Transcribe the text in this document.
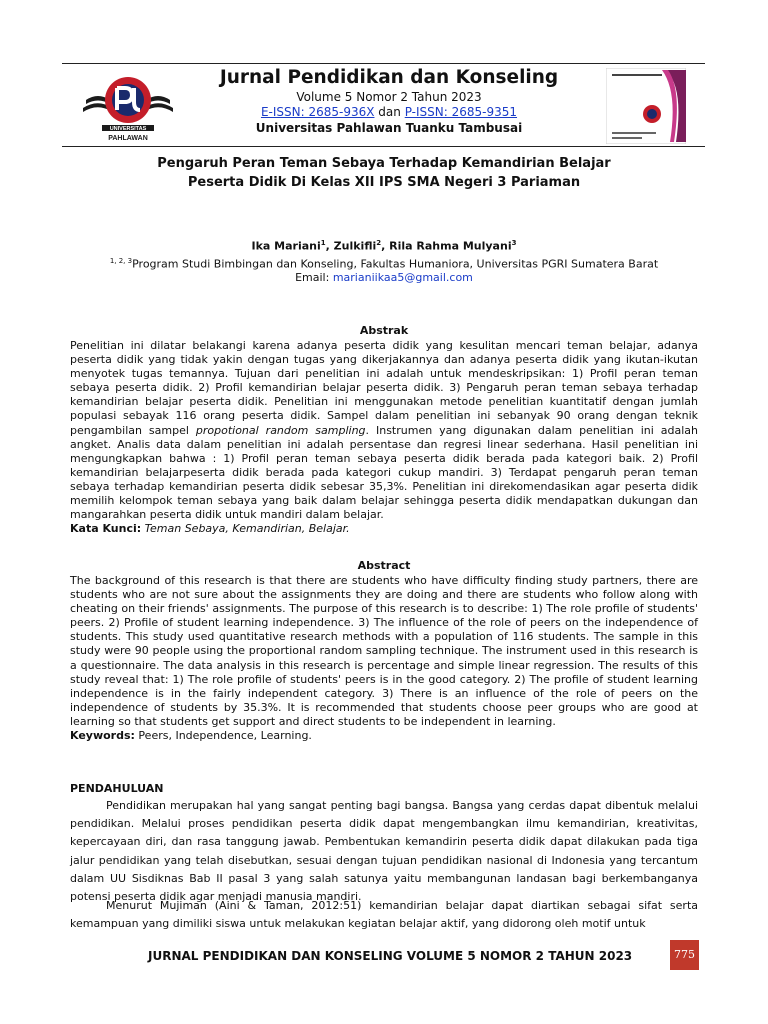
UNIVERSITAS
PAHLAWAN
Jurnal Pendidikan dan Konseling
Volume 5 Nomor 2 Tahun 2023
E-ISSN: 2685-936X dan P-ISSN: 2685-9351
Universitas Pahlawan Tuanku Tambusai
Pengaruh Peran Teman Sebaya Terhadap Kemandirian Belajar
Peserta Didik Di Kelas XII IPS SMA Negeri 3 Pariaman
Ika Mariani$^1$, Zulkifli$^2$, Rila Rahma Mulyani$^3$
$^{1, 2, 3}$Program Studi Bimbingan dan Konseling, Fakultas Humaniora, Universitas PGRI Sumatera Barat
Email: marianiikaa5@gmail.com
Abstrak

Penelitian ini dilatar belakangi karena adanya peserta didik yang kesulitan mencari teman belajar, adanya peserta didik yang tidak yakin dengan tugas yang dikerjakannya dan adanya peserta didik yang ikutan-ikutan menyotek tugas temannya. Tujuan dari penelitian ini adalah untuk mendeskripsikan: 1) Profil peran teman sebaya peserta didik. 2) Profil kemandirian belajar peserta didik. 3) Pengaruh peran teman sebaya terhadap kemandirian belajar peserta didik. Penelitian ini menggunakan metode penelitian kuantitatif dengan jumlah populasi sebayak 116 orang peserta didik. Sampel dalam penelitian ini sebanyak 90 orang dengan teknik pengambilan sampel propotional random sampling. Instrumen yang digunakan dalam penelitian ini adalah angket. Analis data dalam penelitian ini adalah persentase dan regresi linear sederhana. Hasil penelitian ini mengungkapkan bahwa : 1) Profil peran teman sebaya peserta didik berada pada kategori baik. 2) Profil kemandirian belajarpeserta didik berada pada kategori cukup mandiri. 3) Terdapat pengaruh peran teman sebaya terhadap kemandirian peserta didik sebesar 35,3%. Penelitian ini direkomendasikan agar peserta didik memilih kelompok teman sebaya yang baik dalam belajar sehingga peserta didik mendapatkan dukungan dan mangarahkan peserta didik untuk mandiri dalam belajar.
Kata Kunci: Teman Sebaya, Kemandirian, Belajar.

Abstract

The background of this research is that there are students who have difficulty finding study partners, there are students who are not sure about the assignments they are doing and there are students who follow along with cheating on their friends' assignments. The purpose of this research is to describe: 1) The role profile of students' peers. 2) Profile of student learning independence. 3) The influence of the role of peers on the independence of students. This study used quantitative research methods with a population of 116 students. The sample in this study were 90 people using the proportional random sampling technique. The instrument used in this research is a questionnaire. The data analysis in this research is percentage and simple linear regression. The results of this study reveal that: 1) The role profile of students' peers is in the good category. 2) The profile of student learning independence is in the fairly independent category. 3) There is an influence of the role of peers on the independence of students by 35.3%. It is recommended that students choose peer groups who are good at learning so that students get support and direct students to be independent in learning.
Keywords: Peers, Independence, Learning.

PENDAHULUAN

Pendidikan merupakan hal yang sangat penting bagi bangsa. Bangsa yang cerdas dapat dibentuk melalui pendidikan. Melalui proses pendidikan peserta didik dapat mengembangkan ilmu kemandirian, kreativitas, kepercayaan diri, dan rasa tanggung jawab. Pembentukan kemandirin peserta didik dapat dilakukan pada tiga jalur pendidikan yang telah disebutkan, sesuai dengan tujuan pendidikan nasional di Indonesia yang tercantum dalam UU Sisdiknas Bab II pasal 3 yang salah satunya yaitu membangunan landasan bagi berkembanganya potensi peserta didik agar menjadi manusia mandiri.

Menurut Mujiman (Aini & Taman, 2012:51) kemandirian belajar dapat diartikan sebagai sifat serta kemampuan yang dimiliki siswa untuk melakukan kegiatan belajar aktif, yang didorong oleh motif untuk

JURNAL PENDIDIKAN DAN KONSELING VOLUME 5 NOMOR 2 TAHUN 2023	775
